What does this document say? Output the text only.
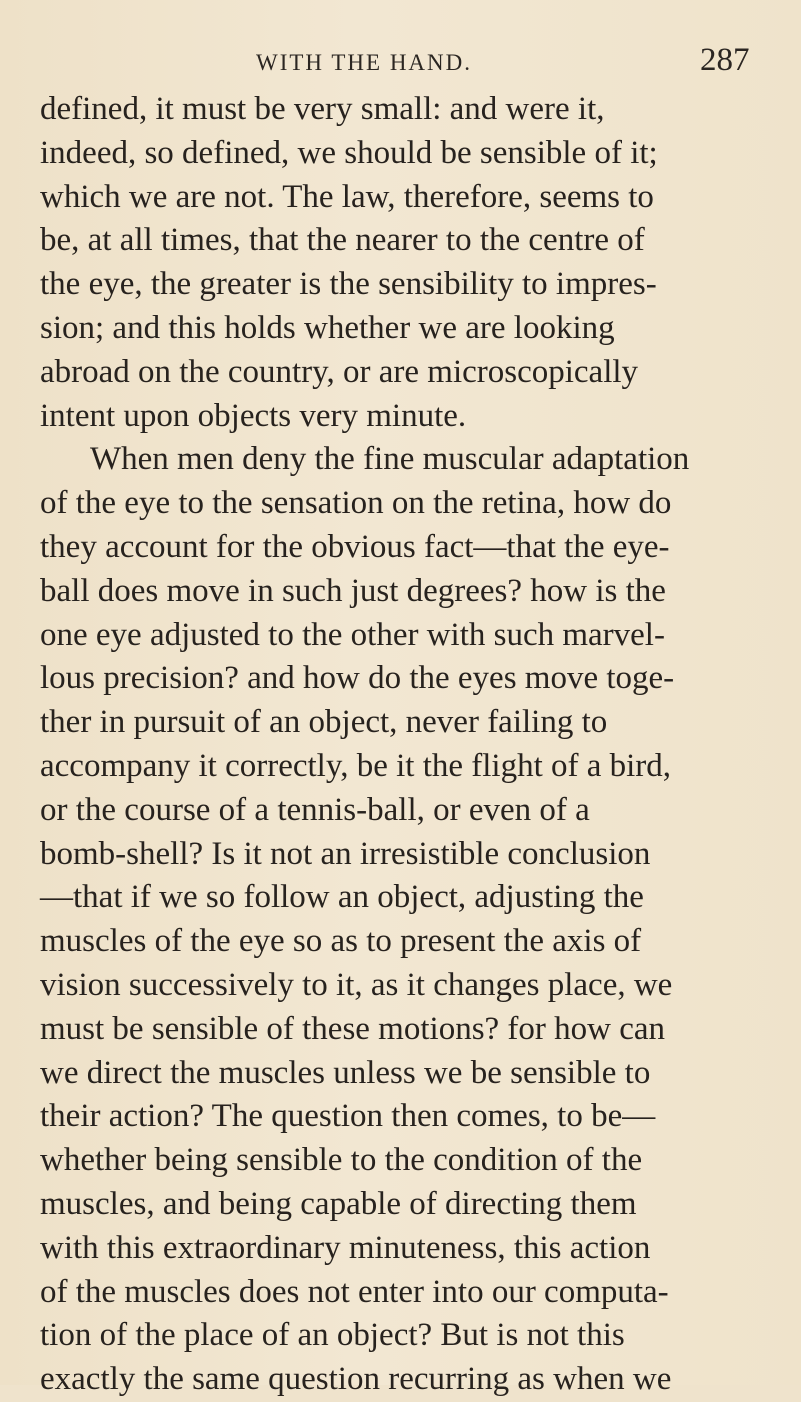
WITH THE HAND.	287
defined, it must be very small: and were it,
indeed, so defined, we should be sensible of it;
which we are not. The law, therefore, seems to
be, at all times, that the nearer to the centre of
the eye, the greater is the sensibility to impres-
sion; and this holds whether we are looking
abroad on the country, or are microscopically
intent upon objects very minute.
When men deny the fine muscular adaptation
of the eye to the sensation on the retina, how do
they account for the obvious fact—that the eye-
ball does move in such just degrees? how is the
one eye adjusted to the other with such marvel-
lous precision? and how do the eyes move toge-
ther in pursuit of an object, never failing to
accompany it correctly, be it the flight of a bird,
or the course of a tennis-ball, or even of a
bomb-shell? Is it not an irresistible conclusion
—that if we so follow an object, adjusting the
muscles of the eye so as to present the axis of
vision successively to it, as it changes place, we
must be sensible of these motions? for how can
we direct the muscles unless we be sensible to
their action? The question then comes, to be—
whether being sensible to the condition of the
muscles, and being capable of directing them
with this extraordinary minuteness, this action
of the muscles does not enter into our computa-
tion of the place of an object? But is not this
exactly the same question recurring as when we
